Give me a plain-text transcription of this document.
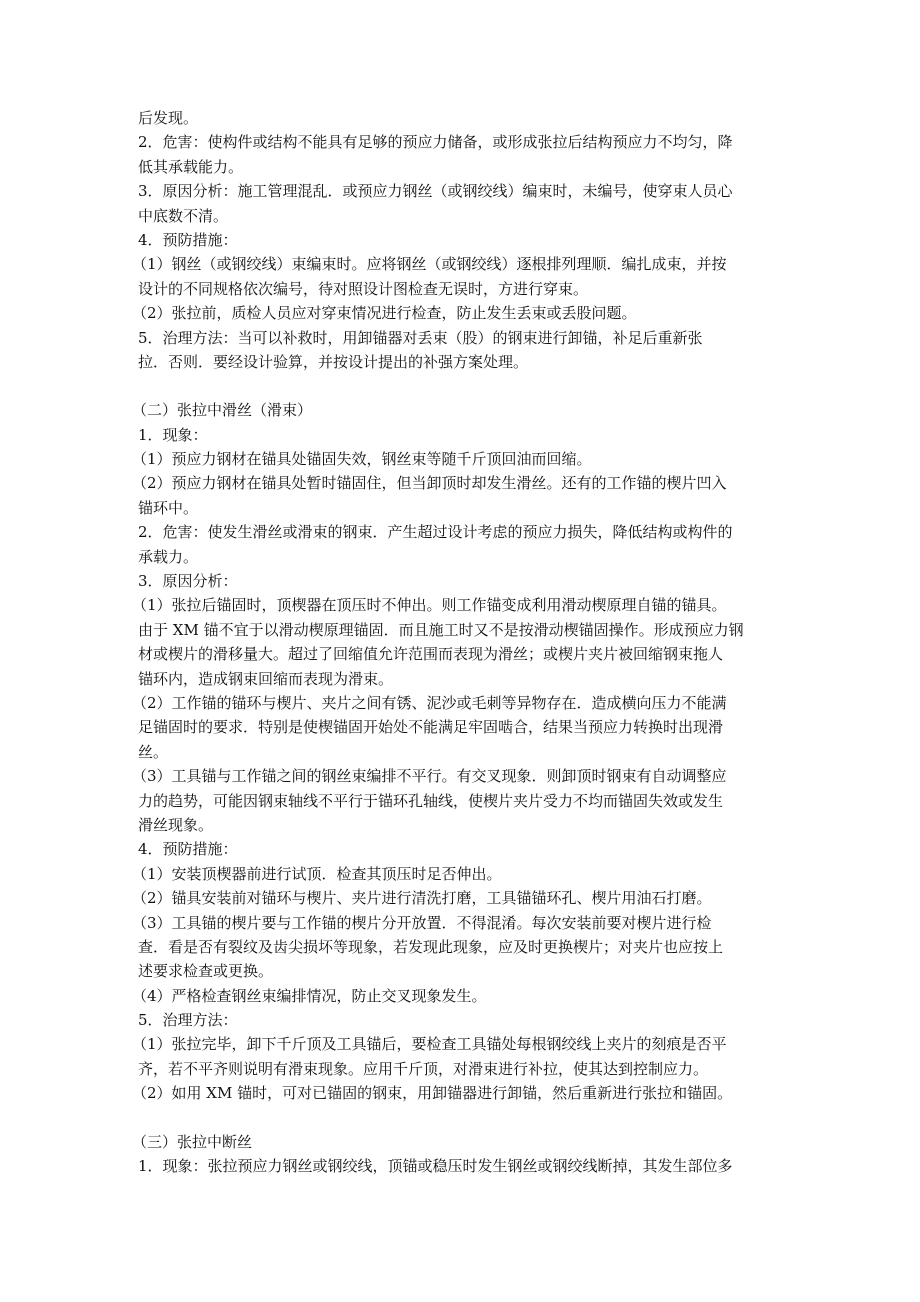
后发现。
2．危害：使构件或结构不能具有足够的预应力储备，或形成张拉后结构预应力不均匀，降
低其承载能力。
3．原因分析：施工管理混乱．或预应力钢丝（或钢绞线）编束时，未编号，使穿束人员心
中底数不清。
4．预防措施：
（1）钢丝（或钢绞线）束编束时。应将钢丝（或钢绞线）逐根排列理顺．编扎成束，并按
设计的不同规格依次编号，待对照设计图检查无误时，方进行穿束。
（2）张拉前，质检人员应对穿束情况进行检查，防止发生丢束或丢股问题。
5．治理方法：当可以补救时，用卸锚器对丢束（股）的钢束进行卸锚，补足后重新张
拉．否则．要经设计验算，并按设计提出的补强方案处理。
（二）张拉中滑丝（滑束）
1．现象：
（1）预应力钢材在锚具处锚固失效，钢丝束等随千斤顶回油而回缩。
（2）预应力钢材在锚具处暂时锚固住，但当卸顶时却发生滑丝。还有的工作锚的楔片凹入
锚环中。
2．危害：使发生滑丝或滑束的钢束．产生超过设计考虑的预应力损失，降低结构或构件的
承载力。
3．原因分析：
（1）张拉后锚固时，顶楔器在顶压时不伸出。则工作锚变成利用滑动楔原理自锚的锚具。
由于 XM 锚不宜于以滑动楔原理锚固．而且施工时又不是按滑动楔锚固操作。形成预应力钢
材或楔片的滑移量大。超过了回缩值允许范围而表现为滑丝；或楔片夹片被回缩钢束拖人
锚环内，造成钢束回缩而表现为滑束。
（2）工作锚的锚环与楔片、夹片之间有锈、泥沙或毛刺等异物存在．造成横向压力不能满
足锚固时的要求．特别是使楔锚固开始处不能满足牢固啮合，结果当预应力转换时出现滑
丝。
（3）工具锚与工作锚之间的钢丝束编排不平行。有交叉现象．则卸顶时钢束有自动调整应
力的趋势，可能因钢束轴线不平行于锚环孔轴线，使楔片夹片受力不均而锚固失效或发生
滑丝现象。
4．预防措施：
（1）安装顶楔器前进行试顶．检查其顶压时足否伸出。
（2）锚具安装前对锚环与楔片、夹片进行清洗打磨，工具锚锚环孔、楔片用油石打磨。
（3）工具锚的楔片要与工作锚的楔片分开放置．不得混淆。每次安装前要对楔片进行检
查．看是否有裂纹及齿尖损坏等现象，若发现此现象，应及时更换楔片；对夹片也应按上
述要求检查或更换。
（4）严格检查钢丝束编排情况，防止交叉现象发生。
5．治理方法：
（1）张拉完毕，卸下千斤顶及工具锚后，要检查工具锚处每根钢绞线上夹片的刻痕是否平
齐，若不平齐则说明有滑束现象。应用千斤顶，对滑束进行补拉，使其达到控制应力。
（2）如用 XM 锚时，可对已锚固的钢束，用卸锚器进行卸锚，然后重新进行张拉和锚固。
（三）张拉中断丝
1．现象：张拉预应力钢丝或钢绞线，顶锚或稳压时发生钢丝或钢绞线断掉，其发生部位多
